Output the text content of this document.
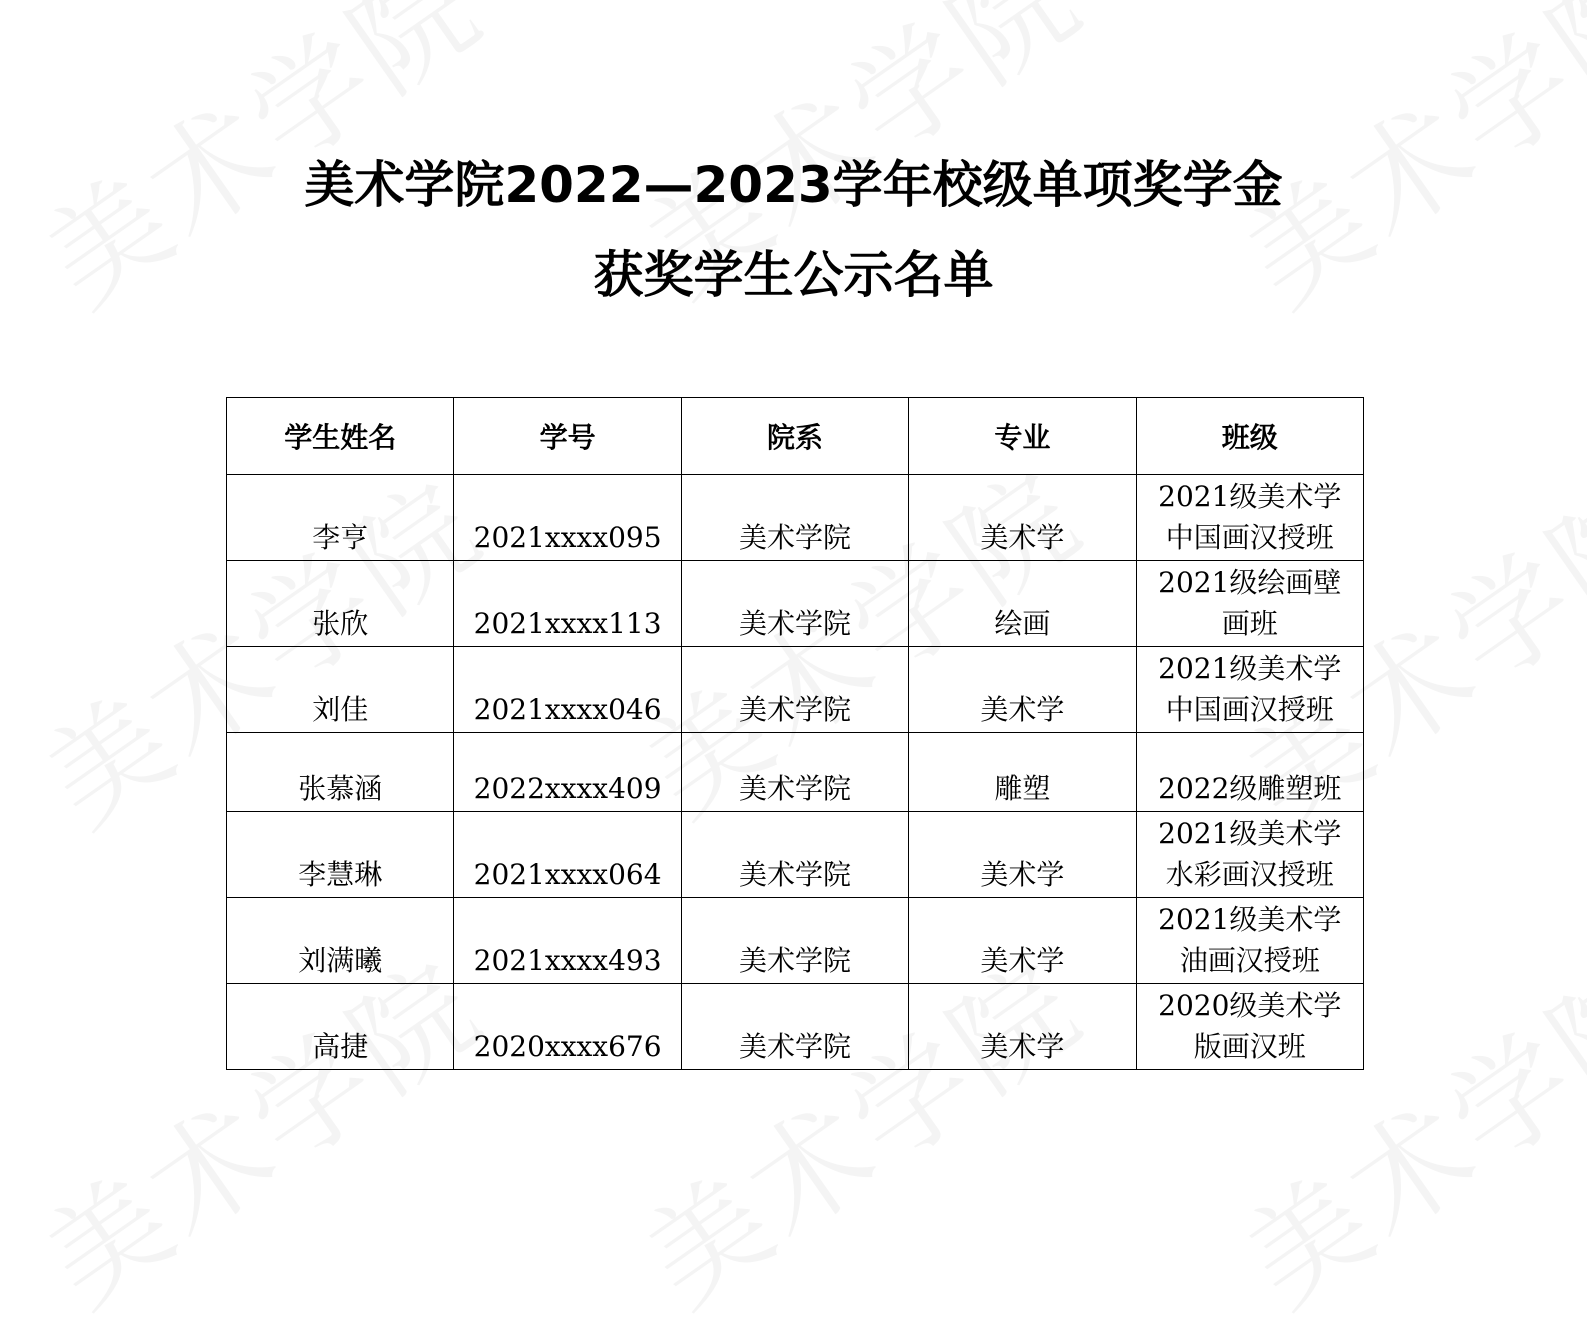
美术学院2022—2023学年校级单项奖学金
获奖学生公示名单
学生姓名	学号	院系	专业	班级
李亨	2021xxxx095	美术学院	美术学	2021级美术学中国画汉授班
张欣	2021xxxx113	美术学院	绘画	2021级绘画壁画班
刘佳	2021xxxx046	美术学院	美术学	2021级美术学中国画汉授班
张慕涵	2022xxxx409	美术学院	雕塑	2022级雕塑班
李慧琳	2021xxxx064	美术学院	美术学	2021级美术学水彩画汉授班
刘满曦	2021xxxx493	美术学院	美术学	2021级美术学油画汉授班
高捷	2020xxxx676	美术学院	美术学	2020级美术学版画汉班
